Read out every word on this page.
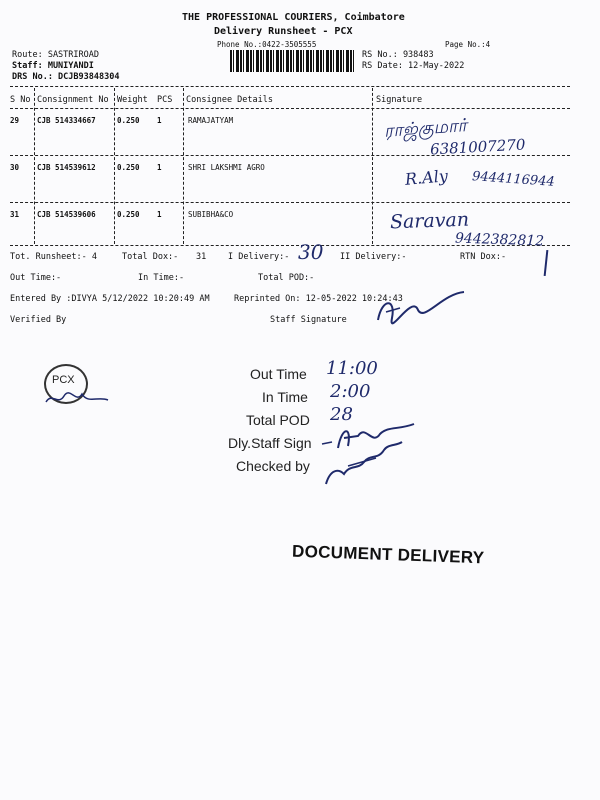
THE PROFESSIONAL COURIERS, Coimbatore
Delivery Runsheet - PCX
Phone No.:0422-3505555	Page No.:4
Route: SASTRIROAD
Staff: MUNIYANDI
DRS No.: DCJB93848304
RS No.: 938483
RS Date: 12-May-2022
S No Consignment No Weight PCS Consignee Details	Signature
29 CJB 514334667	0.250 1	RAMAJATYAM	ராஜ்குமார்
6381007270
30 CJB 514539612	0.250 1	SHRI LAKSHMI AGRO	R.Aly 9444116944
31 CJB 514539606	0.250 1	SUBIBHA&CO	Saravan
9442382812
Tot. Runsheet:- 4	Total Dox:- 31	I Delivery:- 30 II Delivery:-	RTN Dox:-
Out Time:-	In Time:-	Total POD:-
Entered By :DIVYA 5/12/2022 10:20:49 AM	Reprinted On: 12-05-2022 10:24:43
Verified By	Staff Signature
PCX	Out Time 11:00
In Time 2:00
Total POD 28
Dly.Staff Sign
Checked by
DOCUMENT DELIVERY
